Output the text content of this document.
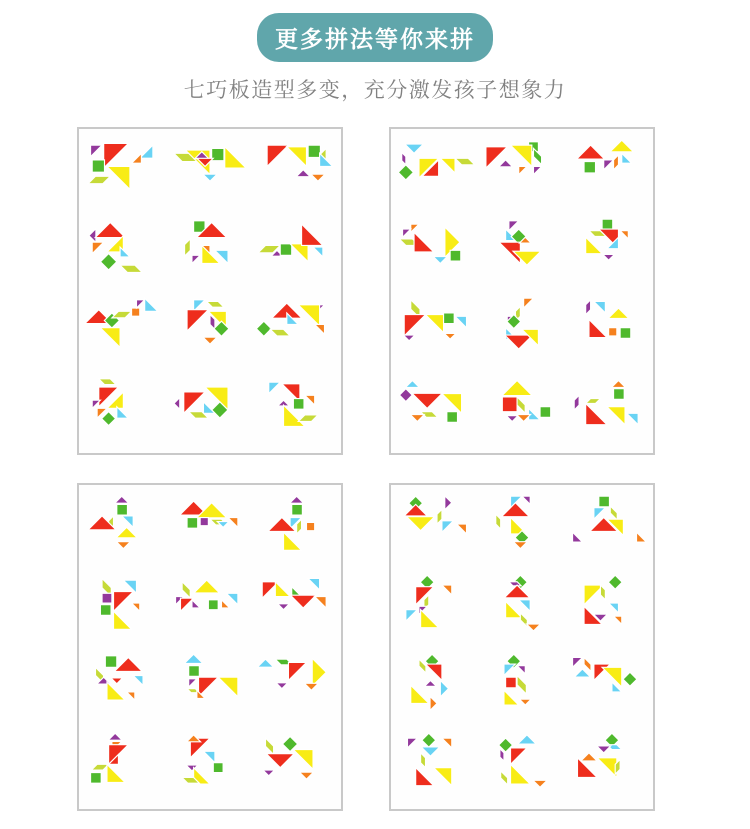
更多拼法等你来拼
七巧板造型多变，充分激发孩子想象力
